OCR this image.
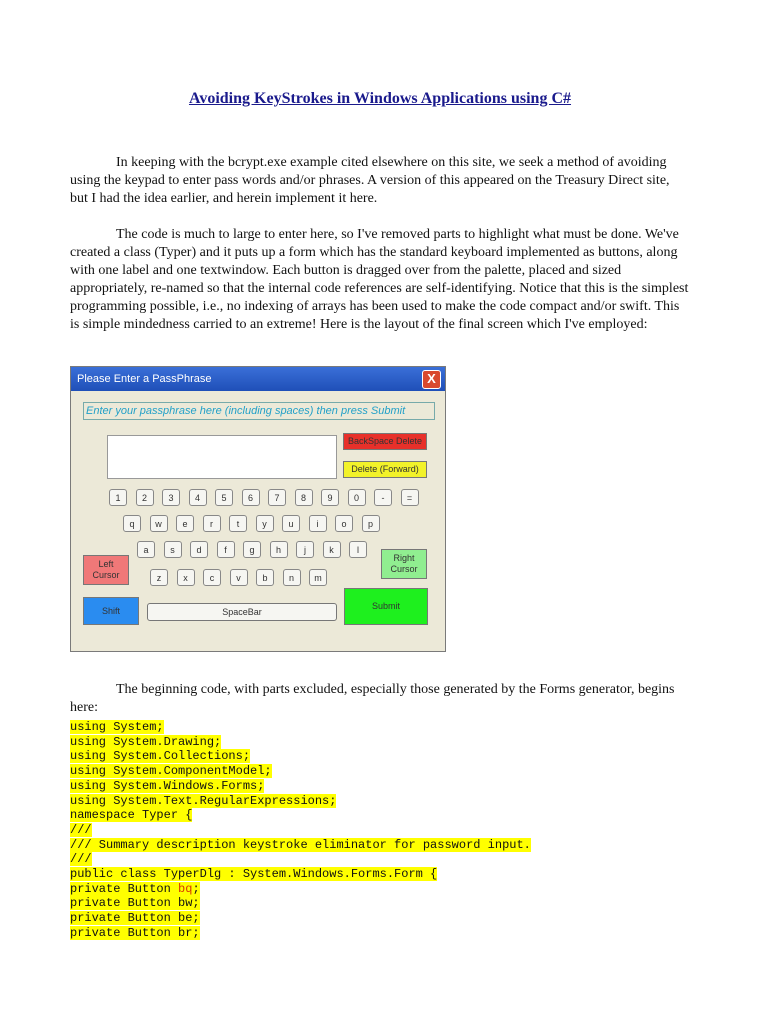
Avoiding KeyStrokes in Windows Applications using C#

In keeping with the bcrypt.exe example cited elsewhere on this site, we seek a method of avoiding using the keypad to enter pass words and/or phrases. A version of this appeared on the Treasury Direct site, but I had the idea earlier, and herein implement it here.

The code is much to large to enter here, so I've removed parts to highlight what must be done. We've created a class (Typer) and it puts up a form which has the standard keyboard implemented as buttons, along with one label and one textwindow. Each button is dragged over from the palette, placed and sized appropriately, re-named so that the internal code references are self-identifying. Notice that this is the simplest programming possible, i.e., no indexing of arrays has been used to make the code compact and/or swift. This is simple mindedness carried to an extreme! Here is the layout of the final screen which I've employed:

The beginning code, with parts excluded, especially those generated by the Forms generator, begins here:

Please Enter a PassPhrase	X
Enter your passphrase here (including spaces) then press Submit
BackSpace Delete
Delete (Forward)
1	2	3	4	5	6	7	8	9	0	-	=
q	w	e	r	t	y	u	i	o	p
a	s	d	f	g	h	j	k	l
z	x	c	v	b	n	m
Left Cursor
Right Cursor
Shift	SpaceBar
Submit
using System;
using System.Drawing;
using System.Collections;
using System.ComponentModel;
using System.Windows.Forms;
using System.Text.RegularExpressions;
namespace Typer {
///
/// Summary description keystroke eliminator for password input.
///
public class TyperDlg : System.Windows.Forms.Form {
private Button bq;
private Button bw;
private Button be;
private Button br;
